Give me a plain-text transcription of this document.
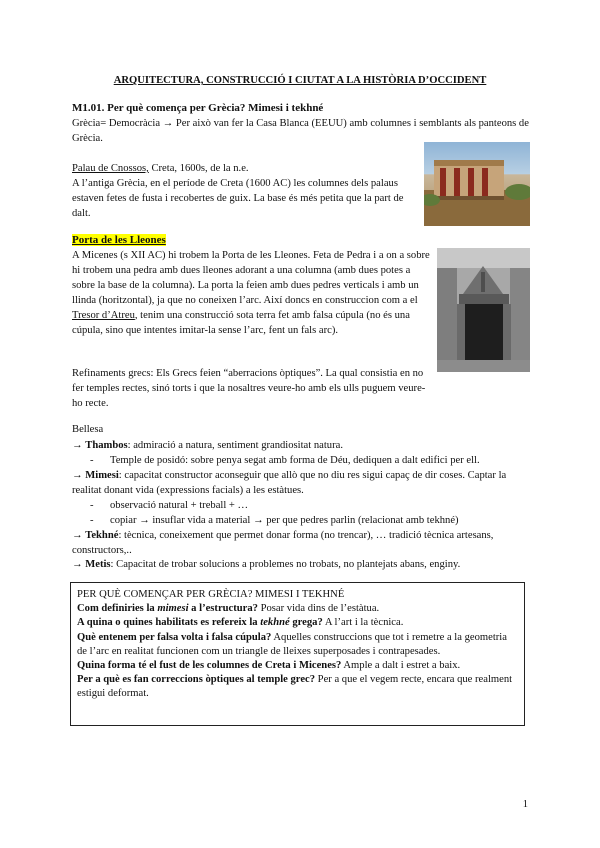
ARQUITECTURA, CONSTRUCCIÓ I CIUTAT A LA HISTÒRIA D’OCCIDENT
M1.01. Per què comença per Grècia? Mimesi i tekhné
Grècia= Democràcia → Per això van fer la Casa Blanca (EEUU) amb columnes i semblants als panteons de Grècia.
Palau de Cnossos, Creta, 1600s, de la n.e.
A l’antiga Grècia, en el període de Creta (1600 AC) les columnes dels palaus estaven fetes de fusta i recobertes de guix. La base és més petita que la part de dalt.
Porta de les Lleones
A Micenes (s XII AC) hi trobem la Porta de les Lleones. Feta de Pedra i a on a sobre hi trobem una pedra amb dues lleones adorant a una columna (amb dues potes a sobre la base de la columna). La porta la feien amb dues pedres verticals i amb un llinda (horitzontal), ja que no coneixen l’arc. Així doncs en construccion com a el Tresor d’Atreu, tenim una construcció sota terra fet amb falsa cúpula (no és una cúpula, sino que intentes imitar-la sense l’arc, fent un fals arc).
Refinaments grecs: Els Grecs feien “aberracions òptiques”. La qual consistia en no fer temples rectes, sinó torts i que la nosaltres veure-ho amb els ulls puguem veure-ho recte.
Bellesa
→ Thambos: admiració a natura, sentiment grandiositat natura.
- Temple de posidó: sobre penya segat amb forma de Déu, dediquen a dalt edifici per ell.
→ Mimesi: capacitat constructor aconseguir que allò que no diu res sigui capaç de dir coses. Captar la realitat donant vida (expressions facials) a les estàtues.
- observació natural + treball + …
- copiar → insuflar vida a material → per que pedres parlin (relacionat amb tekhné)
→ Tekhné: tècnica, coneixement que permet donar forma (no trencar), … tradició tècnica artesans, constructors,..
→ Metis: Capacitat de trobar solucions a problemes no trobats, no plantejats abans, enginy.
PER QUÈ COMENÇAR PER GRÈCIA? MIMESI I TEKHNÉ
Com definiries la mimesi a l’estructura? Posar vida dins de l’estàtua.
A quina o quines habilitats es refereix la tekhné grega? A l’art i la tècnica.
Què entenem per falsa volta i falsa cúpula? Aquelles construccions que tot i remetre a la geometria de l’arc en realitat funcionen com un triangle de lleixes superposades i contrapesades.
Quina forma té el fust de les columnes de Creta i Micenes? Ample a dalt i estret a baix.
Per a què es fan correccions òptiques al temple grec? Per a que el vegem recte, encara que realment estigui deformat.
1
